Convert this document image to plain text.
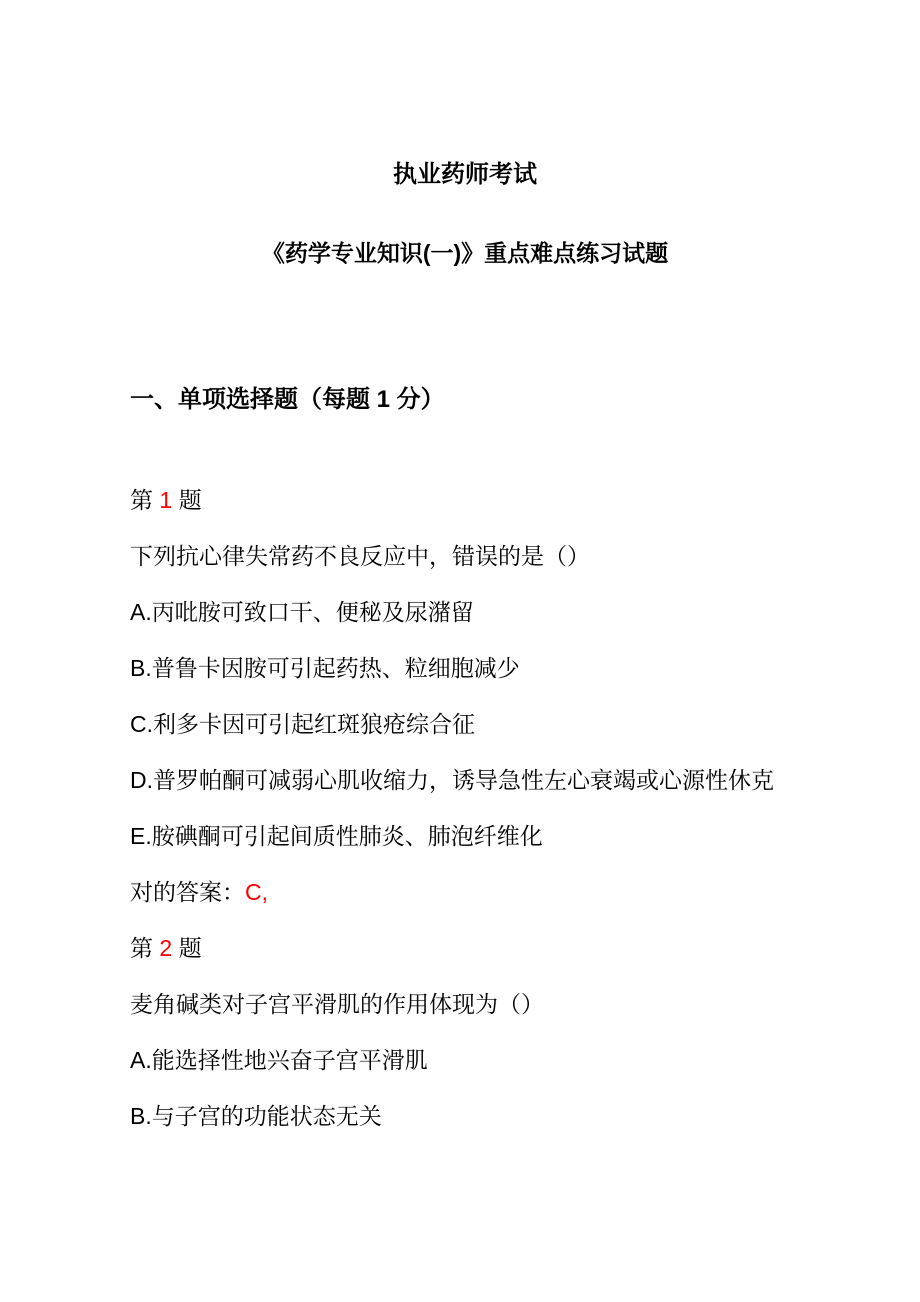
执业药师考试

《药学专业知识(一)》重点难点练习试题

一、单项选择题（每题 1 分）

第 1 题

下列抗心律失常药不良反应中，错误的是（）

A.丙吡胺可致口干、便秘及尿潴留

B.普鲁卡因胺可引起药热、粒细胞减少

C.利多卡因可引起红斑狼疮综合征

D.普罗帕酮可减弱心肌收缩力，诱导急性左心衰竭或心源性休克

E.胺碘酮可引起间质性肺炎、肺泡纤维化

对的答案：C,

第 2 题

麦角碱类对子宫平滑肌的作用体现为（）

A.能选择性地兴奋子宫平滑肌

B.与子宫的功能状态无关
